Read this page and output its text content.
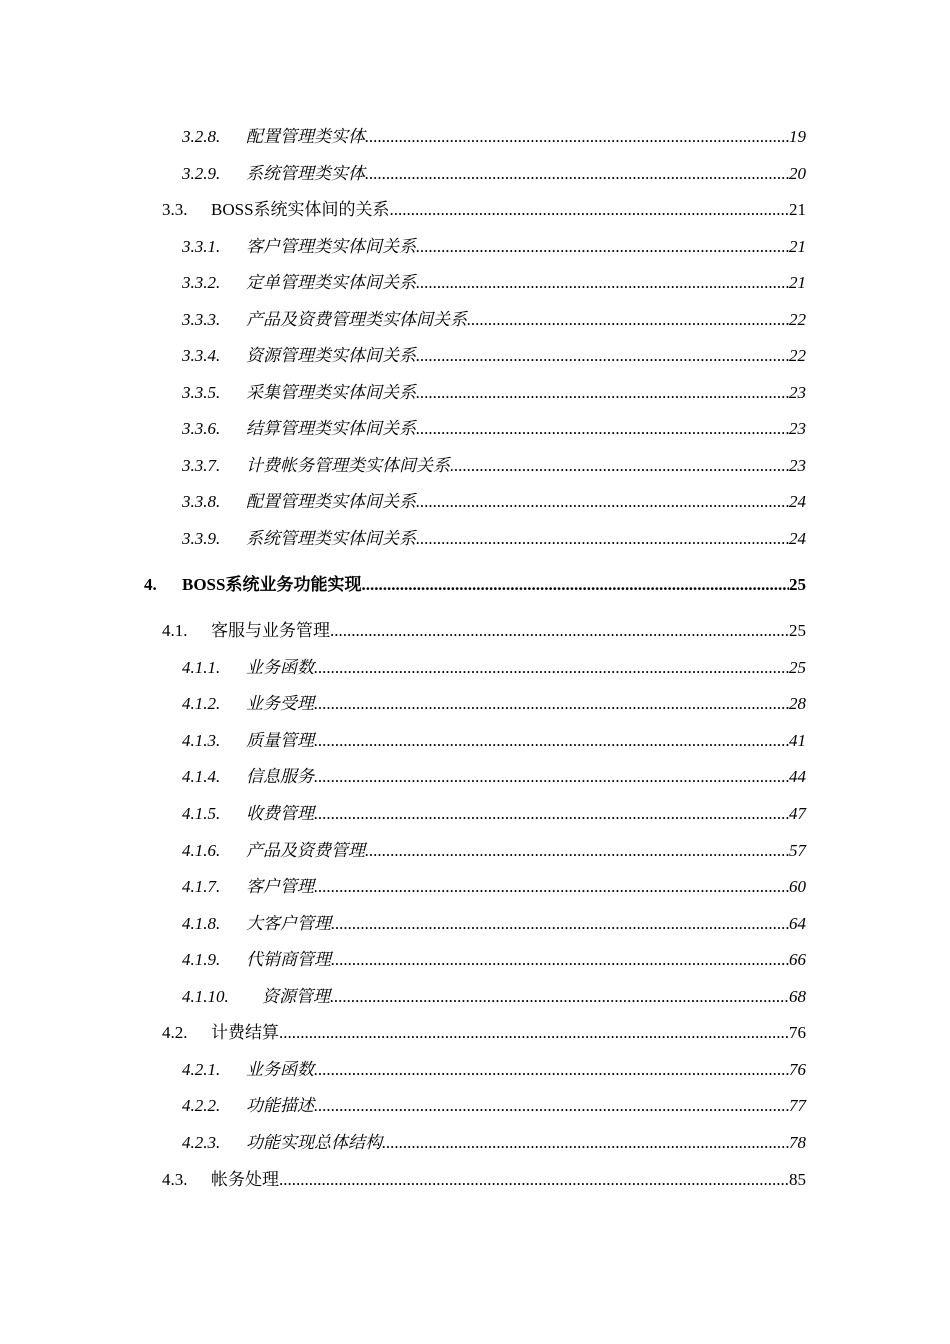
3.2.8.	配置管理类实体 .....	19
3.2.9.	系统管理类实体 .....	20
3.3.	BOSS系统实体间的关系 .....	21
3.3.1.	客户管理类实体间关系 .....	21
3.3.2.	定单管理类实体间关系 .....	21
3.3.3.	产品及资费管理类实体间关系 .....	22
3.3.4.	资源管理类实体间关系 .....	22
3.3.5.	采集管理类实体间关系 .....	23
3.3.6.	结算管理类实体间关系 .....	23
3.3.7.	计费帐务管理类实体间关系 .....	23
3.3.8.	配置管理类实体间关系 .....	24
3.3.9.	系统管理类实体间关系 .....	24
4.	BOSS系统业务功能实现 .....	25
4.1.	客服与业务管理 .....	25
4.1.1.	业务函数 .....	25
4.1.2.	业务受理 .....	28
4.1.3.	质量管理 .....	41
4.1.4.	信息服务 .....	44
4.1.5.	收费管理 .....	47
4.1.6.	产品及资费管理 .....	57
4.1.7.	客户管理 .....	60
4.1.8.	大客户管理 .....	64
4.1.9.	代销商管理 .....	66
4.1.10.	资源管理 .....	68
4.2.	计费结算 .....	76
4.2.1.	业务函数 .....	76
4.2.2.	功能描述 .....	77
4.2.3.	功能实现总体结构 .....	78
4.3.	帐务处理 .....	85
